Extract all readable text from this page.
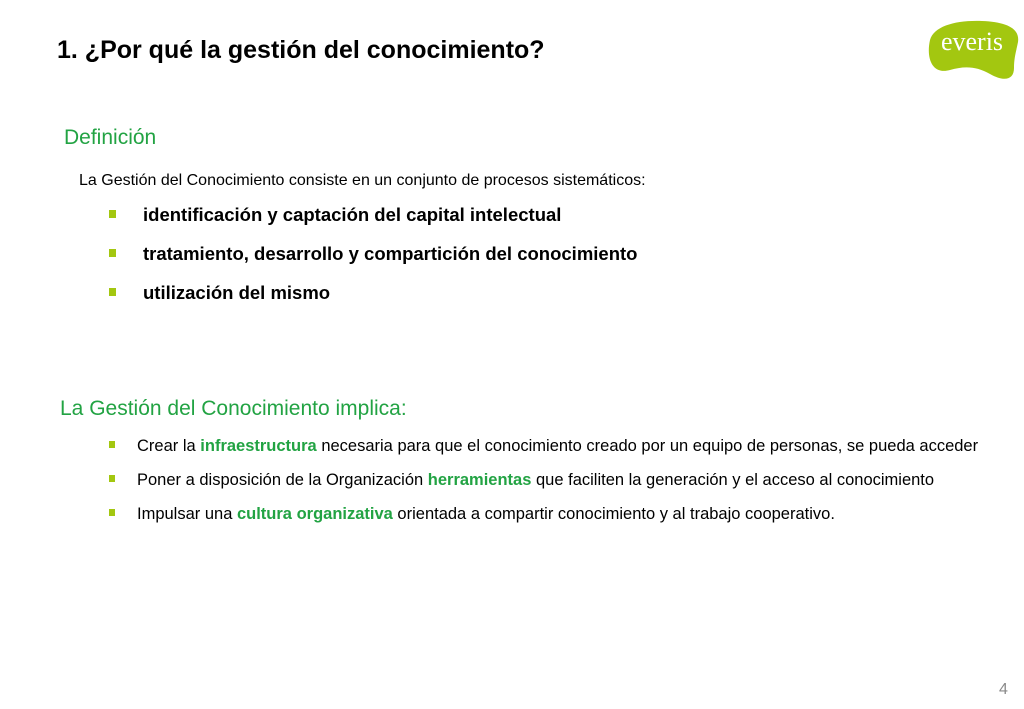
1. ¿Por qué la gestión del conocimiento?	everis
Definición

La Gestión del Conocimiento consiste en un conjunto de procesos sistemáticos:

identificación y captación del capital intelectual
tratamiento, desarrollo y compartición del conocimiento
utilización del mismo
La Gestión del Conocimiento implica:
Crear la infraestructura necesaria para que el conocimiento creado por un equipo de personas, se pueda acceder
Poner a disposición de la Organización herramientas que faciliten la generación y el acceso al conocimiento
Impulsar una cultura organizativa orientada a compartir conocimiento y al trabajo cooperativo.

4
